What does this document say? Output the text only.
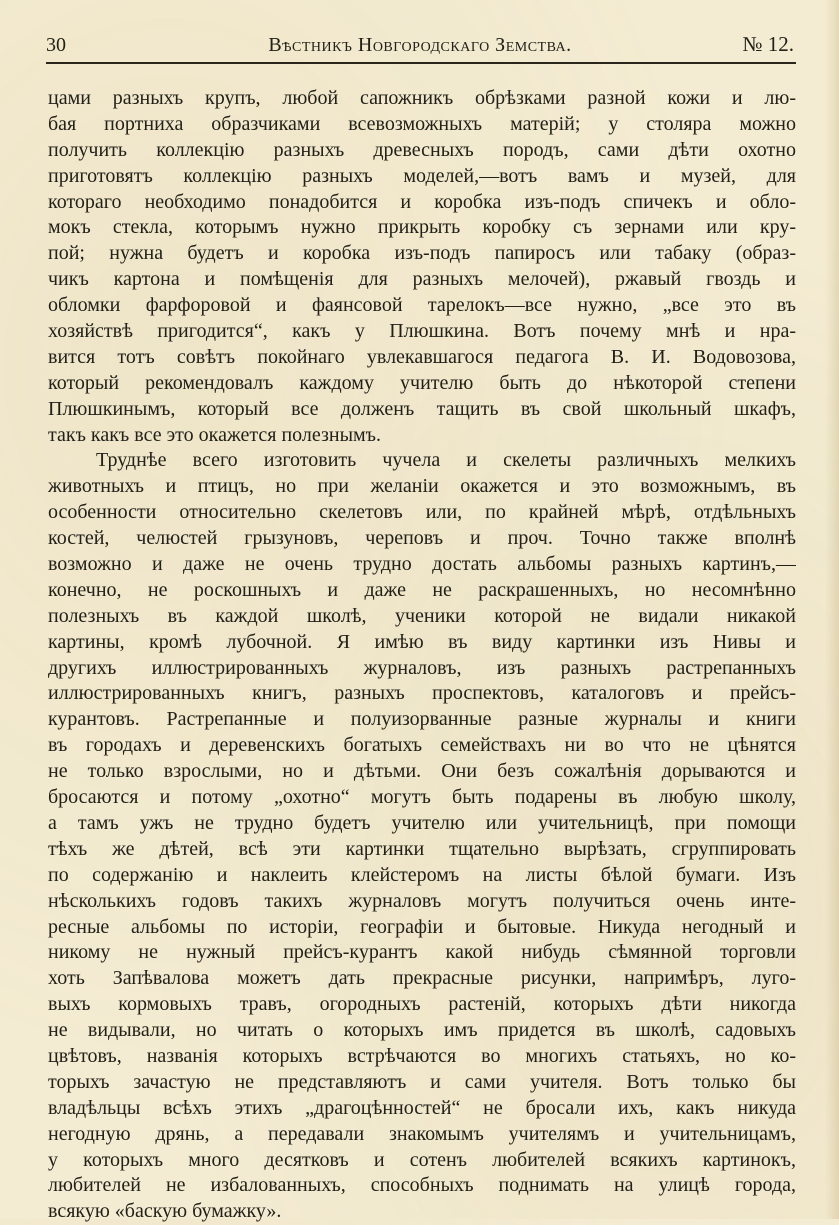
30	Вѣстникъ Новгородскаго Земства.	№ 12.
цами разныхъ крупъ, любой сапожникъ обрѣзками разной кожи и лю-
бая портниха образчиками всевозможныхъ матерій; у столяра можно
получить коллекцію разныхъ древесныхъ породъ, сами дѣти охотно
приготовятъ коллекцію разныхъ моделей,—вотъ вамъ и музей, для
котораго необходимо понадобится и коробка изъ-подъ спичекъ и обло-
мокъ стекла, которымъ нужно прикрыть коробку съ зернами или кру-
пой; нужна будетъ и коробка изъ-подъ папиросъ или табаку (образ-
чикъ картона и помѣщенія для разныхъ мелочей), ржавый гвоздь и
обломки фарфоровой и фаянсовой тарелокъ—все нужно, „все это въ
хозяйствѣ пригодится“, какъ у Плюшкина. Вотъ почему мнѣ и нра-
вится тотъ совѣтъ покойнаго увлекавшагося педагога В. И. Водовозова,
который рекомендовалъ каждому учителю быть до нѣкоторой степени
Плюшкинымъ, который все долженъ тащить въ свой школьный шкафъ,
такъ какъ все это окажется полезнымъ.
Труднѣе всего изготовить чучела и скелеты различныхъ мелкихъ
животныхъ и птицъ, но при желаніи окажется и это возможнымъ, въ
особенности относительно скелетовъ или, по крайней мѣрѣ, отдѣльныхъ
костей, челюстей грызуновъ, череповъ и проч. Точно также вполнѣ
возможно и даже не очень трудно достать альбомы разныхъ картинъ,—
конечно, не роскошныхъ и даже не раскрашенныхъ, но несомнѣнно
полезныхъ въ каждой школѣ, ученики которой не видали никакой
картины, кромѣ лубочной. Я имѣю въ виду картинки изъ Нивы и
другихъ иллюстрированныхъ журналовъ, изъ разныхъ растрепанныхъ
иллюстрированныхъ книгъ, разныхъ проспектовъ, каталоговъ и прейсъ-
курантовъ. Растрепанные и полуизорванные разные журналы и книги
въ городахъ и деревенскихъ богатыхъ семействахъ ни во что не цѣнятся
не только взрослыми, но и дѣтьми. Они безъ сожалѣнія дорываются и
бросаются и потому „охотно“ могутъ быть подарены въ любую школу,
а тамъ ужъ не трудно будетъ учителю или учительницѣ, при помощи
тѣхъ же дѣтей, всѣ эти картинки тщательно вырѣзать, сгруппировать
по содержанію и наклеить клейстеромъ на листы бѣлой бумаги. Изъ
нѣсколькихъ годовъ такихъ журналовъ могутъ получиться очень инте-
ресные альбомы по исторіи, географіи и бытовые. Никуда негодный и
никому не нужный прейсъ-курантъ какой нибудь сѣмянной торговли
хоть Запѣвалова можетъ дать прекрасные рисунки, напримѣръ, луго-
выхъ кормовыхъ травъ, огородныхъ растеній, которыхъ дѣти никогда
не видывали, но читать о которыхъ имъ придется въ школѣ, садовыхъ
цвѣтовъ, названія которыхъ встрѣчаются во многихъ статьяхъ, но ко-
торыхъ зачастую не представляютъ и сами учителя. Вотъ только бы
владѣльцы всѣхъ этихъ „драгоцѣнностей“ не бросали ихъ, какъ никуда
негодную дрянь, а передавали знакомымъ учителямъ и учительницамъ,
у которыхъ много десятковъ и сотенъ любителей всякихъ картинокъ,
любителей не избалованныхъ, способныхъ поднимать на улицѣ города,
всякую «баскую бумажку».
